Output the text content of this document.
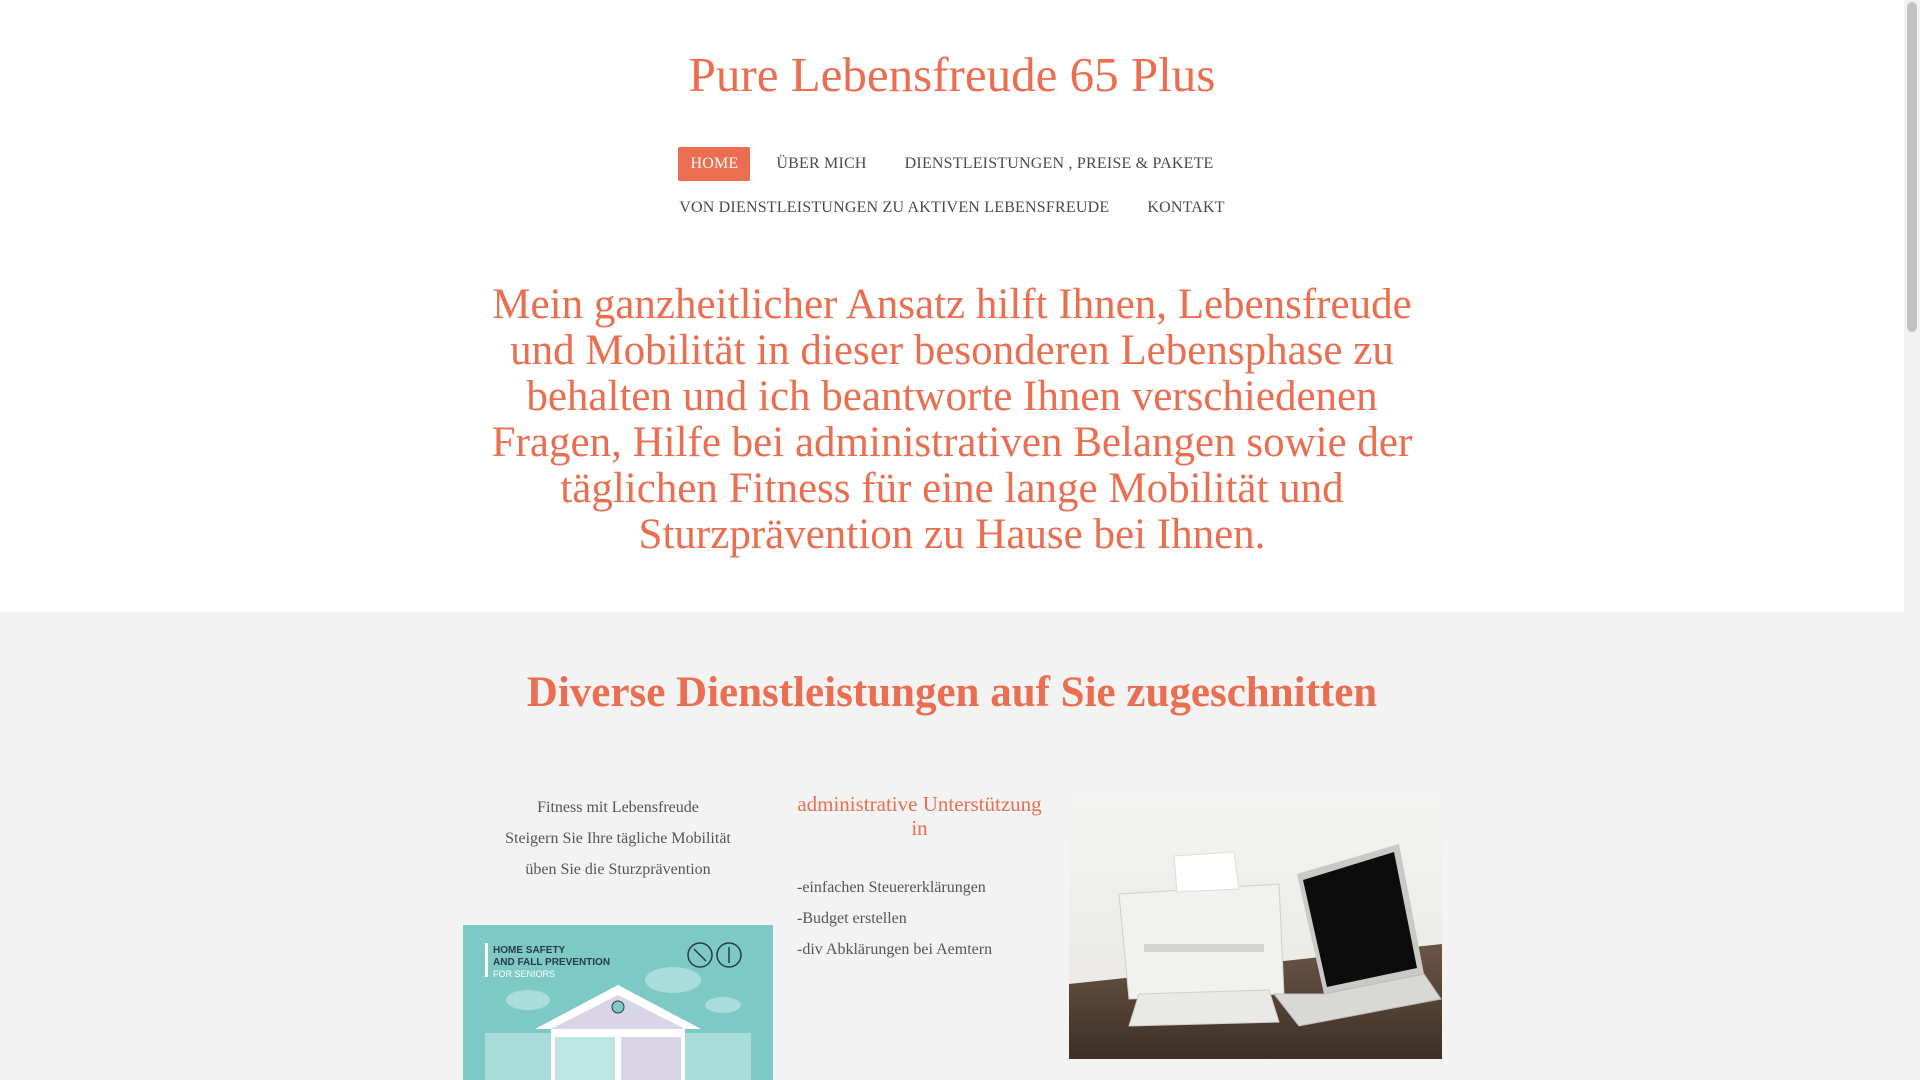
Pure Lebensfreude 65 Plus
HOME ÜBER MICH DIENSTLEISTUNGEN , PREISE & PAKETE
VON DIENSTLEISTUNGEN ZU AKTIVEN LEBENSFREUDE KONTAKT

Mein ganzheitlicher Ansatz hilft Ihnen, Lebensfreude und Mobilität in dieser besonderen Lebensphase zu behalten und ich beantworte Ihnen verschiedenen Fragen, Hilfe bei administrativen Belangen sowie der täglichen Fitness für eine lange Mobilität und Sturzprävention zu Hause bei Ihnen.

Diverse Dienstleistungen auf Sie zugeschnitten
Fitness mit Lebensfreude
Steigern Sie Ihre tägliche Mobilität
üben Sie die Sturzprävention
HOME SAFETY
AND FALL PREVENTION
FOR SENIORS
administrative Unterstützung in
-einfachen Steuererklärungen
-Budget erstellen
-div Abklärungen bei Aemtern
